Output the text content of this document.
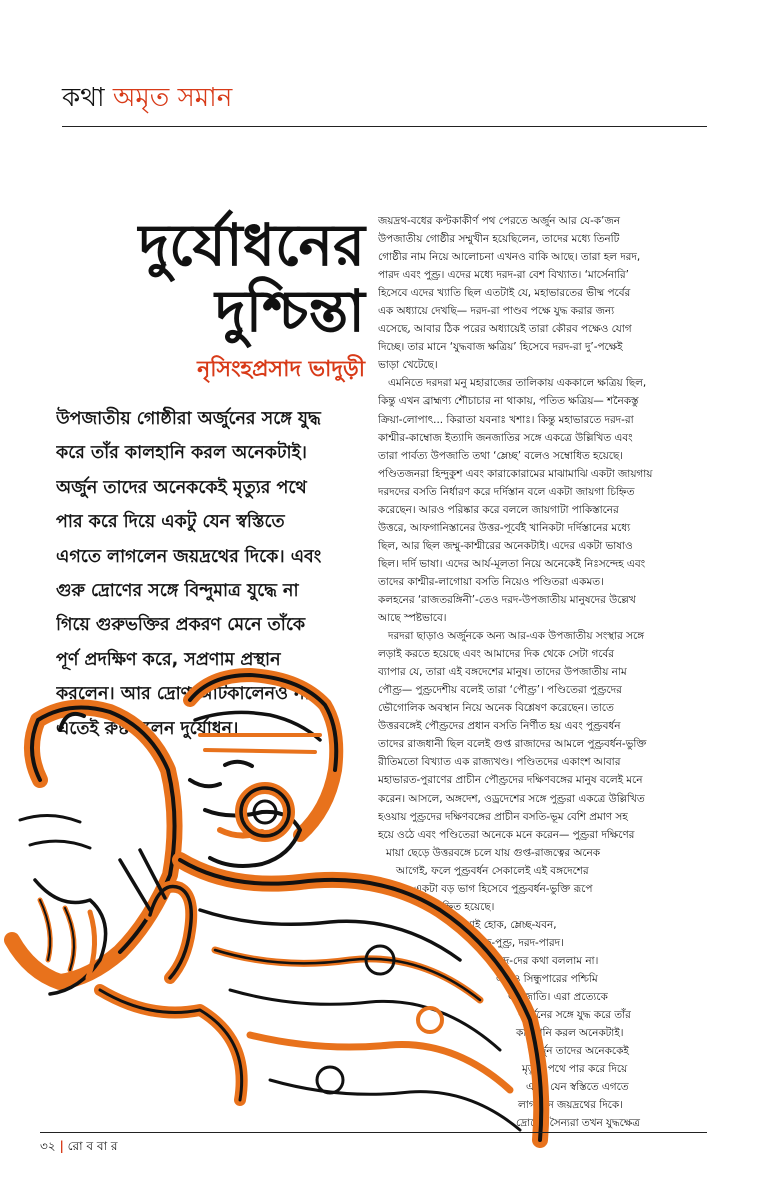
কথা অমৃত সমান
দুর্যোধনের
দুশ্চিন্তা
নৃসিংহপ্রসাদ ভাদুড়ী
উপজাতীয় গোষ্ঠীরা অর্জুনের সঙ্গে যুদ্ধ
করে তাঁর কালহানি করল অনেকটাই।
অর্জুন তাদের অনেককেই মৃত্যুর পথে
পার করে দিয়ে একটু যেন স্বস্তিতে
এগতে লাগলেন জয়দ্রথের দিকে। এবং
গুরু দ্রোণের সঙ্গে বিন্দুমাত্র যুদ্ধে না
গিয়ে গুরুভক্তির প্রকরণ মেনে তাঁকে
পূর্ণ প্রদক্ষিণ করে, সপ্রণাম প্রস্থান
করলেন। আর দ্রোণ আটকালেনও না।
এতেই রুষ্ট হলেন দুর্যোধন।
জয়দ্রথ-বধের কণ্টকাকীর্ণ পথ পেরতে অর্জুন আর যে-ক’জন
উপজাতীয় গোষ্ঠীর সম্মুখীন হয়েছিলেন, তাদের মধ্যে তিনটি
গোষ্ঠীর নাম নিয়ে আলোচনা এখনও বাকি আছে। তারা হল দরদ,
পারদ এবং পুণ্ড্র। এদের মধ্যে দরদ-রা বেশ বিখ্যাত। ‘মার্সেনারি’
হিসেবে এদের খ্যাতি ছিল এতটাই যে, মহাভারতের ভীষ্ম পর্বের
এক অধ্যায়ে দেখছি— দরদ-রা পাণ্ডব পক্ষে যুদ্ধ করার জন্য
এসেছে, আবার ঠিক পরের অধ্যায়েই তারা কৌরব পক্ষেও যোগ
দিচ্ছে। তার মানে ‘যুদ্ধবাজ ক্ষত্রিয়’ হিসেবে দরদ-রা দু’-পক্ষেই
ভাড়া খেটেছে।
এমনিতে দরদরা মনু মহারাজের তালিকায় এককালে ক্ষত্রিয় ছিল,
কিন্তু এখন ব্রাহ্মণ্য শৌচাচার না থাকায়, পতিত ক্ষত্রিয়— শনৈকস্তু
ক্রিয়া-লোপাৎ... কিরাতা যবনাঃ খশাঃ। কিন্তু মহাভারতে দরদ-রা
কাশ্মীর-কাম্বোজ ইত্যাদি জনজাতির সঙ্গে একত্রে উল্লিখিত এবং
তারা পার্বত্য উপজাতি তথা ‘ম্লেচ্ছ’ বলেও সম্বোধিত হয়েছে।
পণ্ডিতজনরা হিন্দুকুশ এবং কারাকোরামের মাঝামাঝি একটা জায়গায়
দরদদের বসতি নির্ধারণ করে দর্দিস্তান বলে একটা জায়গা চিহ্নিত
করেছেন। আরও পরিষ্কার করে বললে জায়গাটা পাকিস্তানের
উত্তরে, আফগানিস্তানের উত্তর-পূর্বেই খানিকটা দর্দিস্তানের মধ্যে
ছিল, আর ছিল জম্মু-কাশ্মীরের অনেকটাই। এদের একটা ভাষাও
ছিল। দর্দি ভাষা। এদের আর্য-মূলতা নিয়ে অনেকেই নিঃসন্দেহ এবং
তাদের কাশ্মীর-লাগোয়া বসতি নিয়েও পণ্ডিতরা একমত।
কলহনের ‘রাজতরঙ্গিনী’-তেও দরদ-উপজাতীয় মানুষদের উল্লেখ
আছে স্পষ্টভাবে।
দরদরা ছাড়াও অর্জুনকে অন্য আর-এক উপজাতীয় সংস্থার সঙ্গে
লড়াই করতে হয়েছে এবং আমাদের দিক থেকে সেটা গর্বের
ব্যাপার যে, তারা এই বঙ্গদেশের মানুষ। তাদের উপজাতীয় নাম
পৌণ্ড্র— পুণ্ড্রদেশীয় বলেই তারা ‘পৌণ্ড্র’। পণ্ডিতেরা পুণ্ড্রদের
ভৌগোলিক অবস্থান নিয়ে অনেক বিশ্লেষণ করেছেন। তাতে
উত্তরবঙ্গেই পৌণ্ড্রদের প্রধান বসতি নির্ণীত হয় এবং পুণ্ড্রবর্ধন
তাদের রাজধানী ছিল বলেই গুপ্ত রাজাদের আমলে পুণ্ড্রবর্ধন-ভুক্তি
রীতিমতো বিখ্যাত এক রাজ্যখণ্ড। পণ্ডিতদের একাংশ আবার
মহাভারত-পুরাণের প্রাচীন পৌণ্ড্রদের দক্ষিণবঙ্গের মানুষ বলেই মনে
করেন। আসলে, অঙ্গদেশ, ওড্রদেশের সঙ্গে পুণ্ড্ররা একত্রে উল্লিখিত
হওয়ায় পুণ্ড্রদের দক্ষিণবঙ্গের প্রাচীন বসতি-ভূম বেশি প্রমাণ সহ
হয়ে ওঠে এবং পণ্ডিতেরা অনেকে মনে করেন— পুণ্ড্ররা দক্ষিণের
মায়া ছেড়ে উত্তরবঙ্গে চলে যায় গুপ্ত-রাজত্বের অনেক
আগেই, ফলে পুণ্ড্রবর্ধন সেকালেই এই বঙ্গদেশের
একটা বড় ভাগ হিসেবে পুণ্ড্রবর্ধন-ভুক্তি রূপে
চিহ্নিত হয়েছে।
যাই হোক, ম্লেচ্ছ-যবন,
শক-পুণ্ড্র, দরদ-পারদ।
পারদ-দের কথা বললাম না।
এরাও সিন্ধুপারের পশ্চিমি
জনজাতি। এরা প্রত্যেকে
অর্জুনের সঙ্গে যুদ্ধ করে তাঁর
কালহানি করল অনেকটাই।
অর্জুন তাদের অনেককেই
মৃত্যুর পথে পার করে দিয়ে
একটু যেন স্বস্তিতে এগতে
লাগলেন জয়দ্রথের দিকে।
দ্রোণের সৈন্যরা তখন যুদ্ধক্ষেত্র
৩২ | রো ব বা র
